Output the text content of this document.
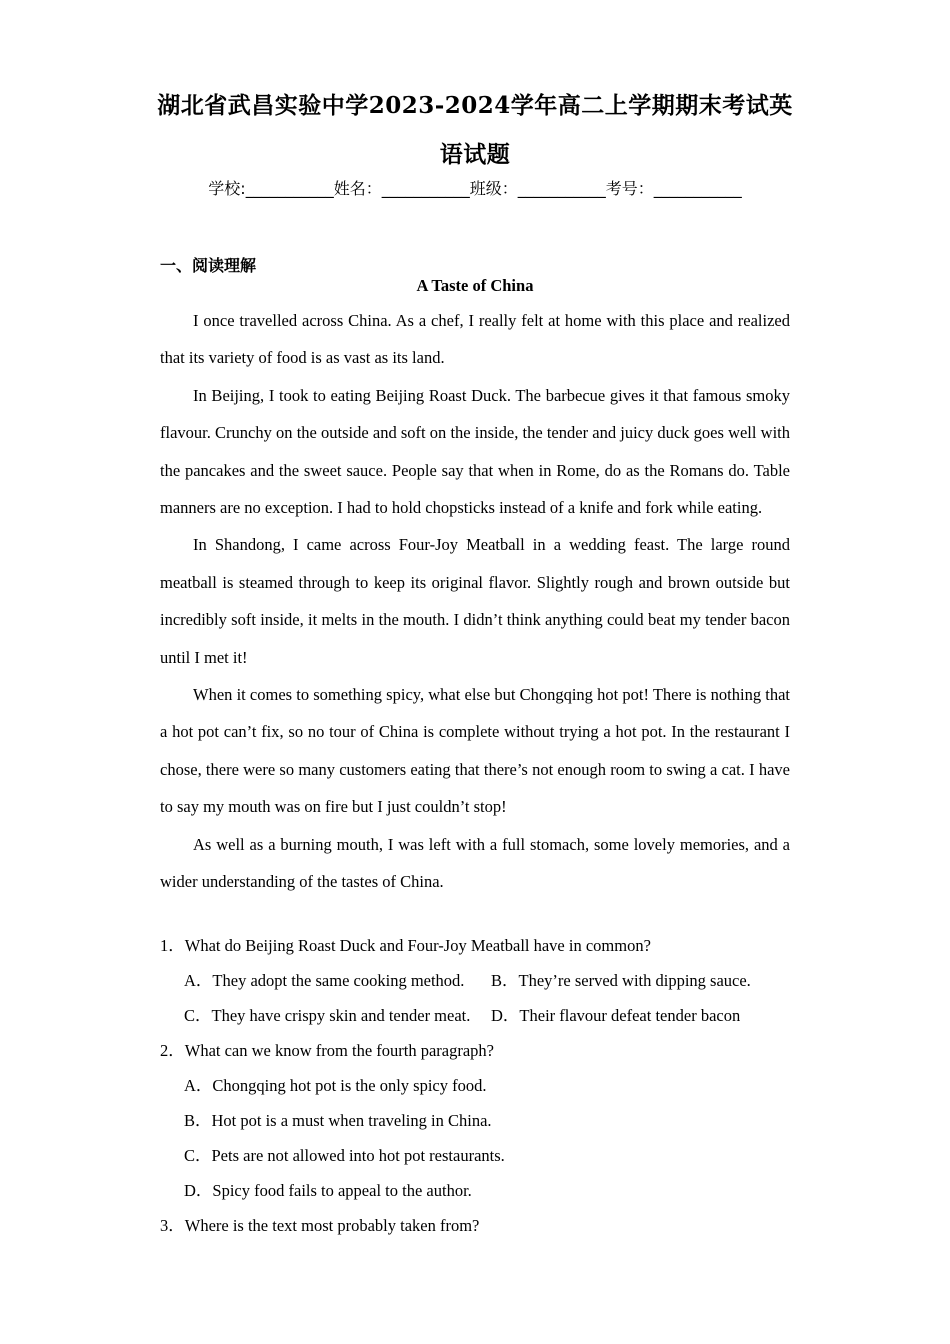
湖北省武昌实验中学2023-2024学年高二上学期期末考试英
语试题
学校:___________姓名：___________班级：___________考号：___________
一、阅读理解
A Taste of China

I once travelled across China. As a chef, I really felt at home with this place and realized that its variety of food is as vast as its land.

In Beijing, I took to eating Beijing Roast Duck. The barbecue gives it that famous smoky flavour. Crunchy on the outside and soft on the inside, the tender and juicy duck goes well with the pancakes and the sweet sauce. People say that when in Rome, do as the Romans do. Table manners are no exception. I had to hold chopsticks instead of a knife and fork while eating.

In Shandong, I came across Four-Joy Meatball in a wedding feast. The large round meatball is steamed through to keep its original flavor. Slightly rough and brown outside but incredibly soft inside, it melts in the mouth. I didn’t think anything could beat my tender bacon until I met it!

When it comes to something spicy, what else but Chongqing hot pot! There is nothing that a hot pot can’t fix, so no tour of China is complete without trying a hot pot. In the restaurant I chose, there were so many customers eating that there’s not enough room to swing a cat. I have to say my mouth was on fire but I just couldn’t stop!

As well as a burning mouth, I was left with a full stomach, some lovely memories, and a wider understanding of the tastes of China.

1．What do Beijing Roast Duck and Four-Joy Meatball have in common?
A．They adopt the same cooking method. B．They’re served with dipping sauce.
C．They have crispy skin and tender meat. D．Their flavour defeat tender bacon
2．What can we know from the fourth paragraph?
A．Chongqing hot pot is the only spicy food.
B．Hot pot is a must when traveling in China.
C．Pets are not allowed into hot pot restaurants.
D．Spicy food fails to appeal to the author.
3．Where is the text most probably taken from?
